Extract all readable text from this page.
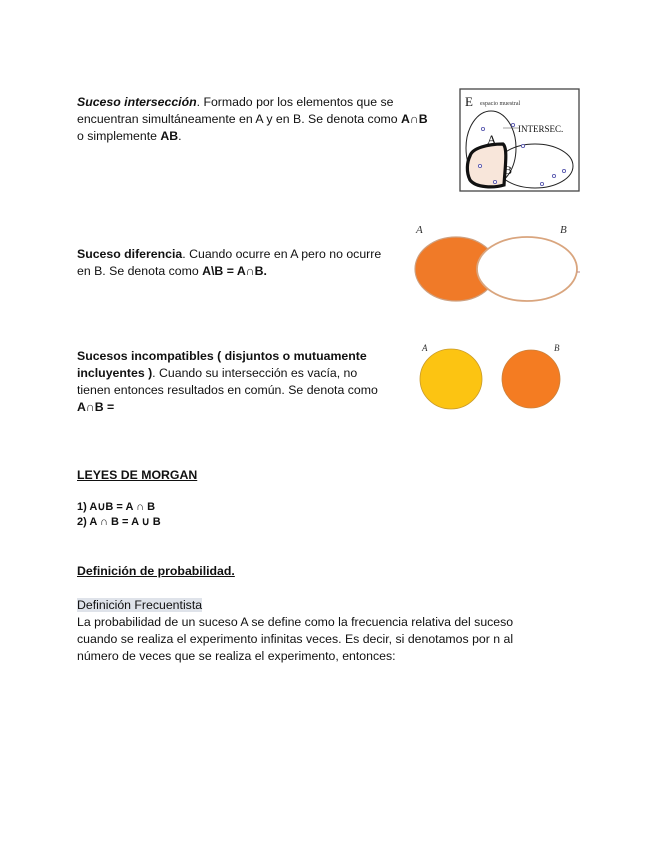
Suceso intersección. Formado por los elementos que se
encuentran simultáneamente en A y en B. Se denota como A∩B
o simplemente AB.
E espacio muestral
A
B
INTERSEC.
Suceso diferencia. Cuando ocurre en A pero no ocurre
en B. Se denota como A\B = A∩B.
A	B
Sucesos incompatibles ( disjuntos o mutuamente
incluyentes ). Cuando su intersección es vacía, no
tienen entonces resultados en común. Se denota como
A∩B =
A	B
LEYES DE MORGAN
1) A∪B = A ∩ B
2) A ∩ B = A ∪ B
Definición de probabilidad.
Definición Frecuentista
La probabilidad de un suceso A se define como la frecuencia relativa del suceso
cuando se realiza el experimento infinitas veces. Es decir, si denotamos por n al
número de veces que se realiza el experimento, entonces:
